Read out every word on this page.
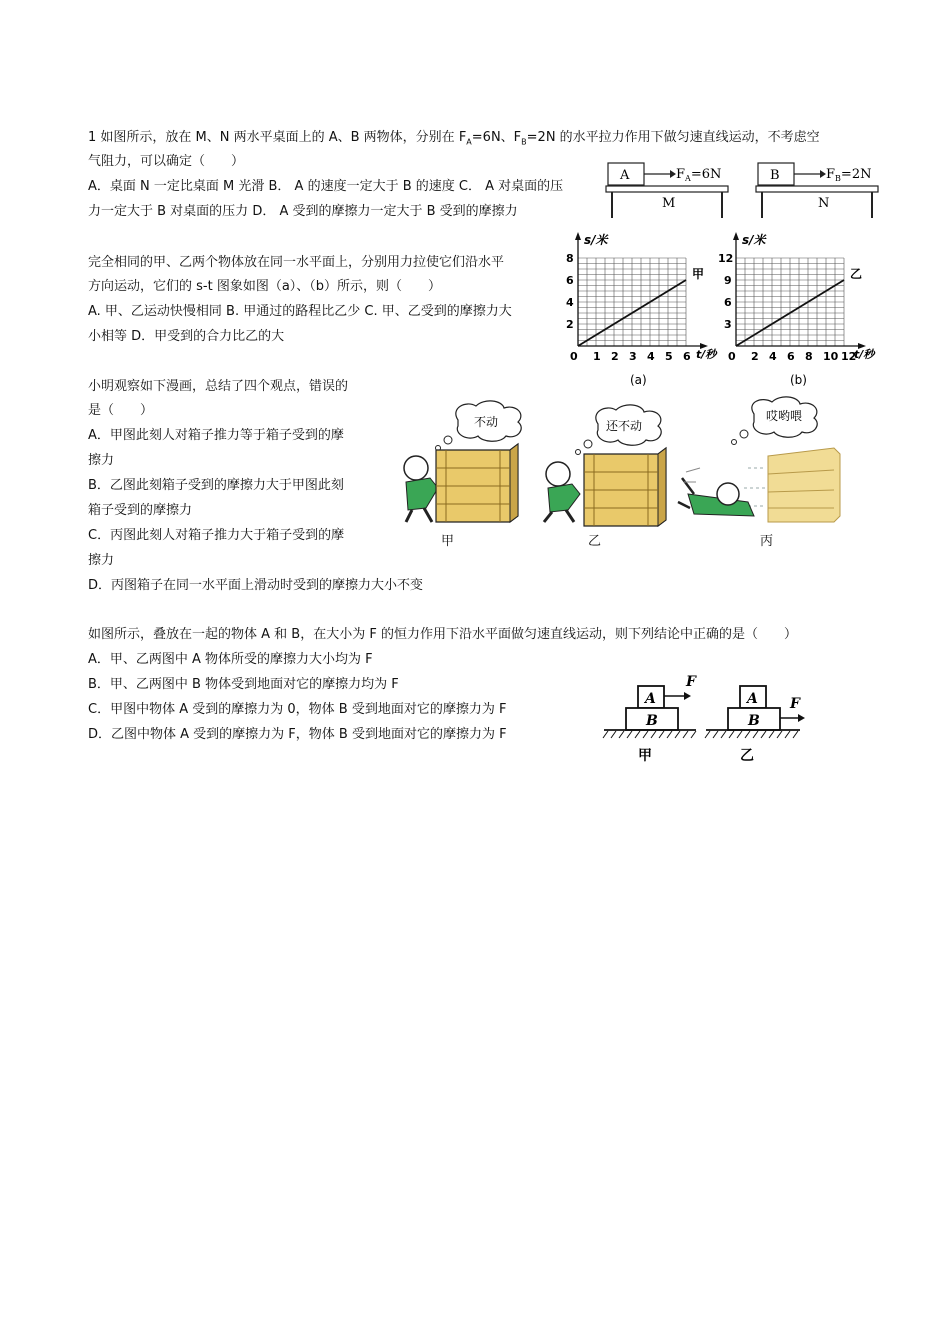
1 如图所示，放在 M、N 两水平桌面上的 A、B 两物体，分别在 $F_A=6N$、$F_B=2N$ 的水平拉力作用下做匀速直线运动，不考虑空
气阻力，可以确定（　　）
A．桌面 N 一定比桌面 M 光滑 B． A 的速度一定大于 B 的速度 C． A 对桌面的压
力一定大于 B 对桌面的压力 D． A 受到的摩擦力一定大于 B 受到的摩擦力
A	$F_A=6N$
M
B	$F_B=2N$
N
完全相同的甲、乙两个物体放在同一水平面上，分别用力拉使它们沿水平
方向运动，它们的 s-t 图象如图（a）、（b）所示，则（　　）
A. 甲、乙运动快慢相同 B. 甲通过的路程比乙少 C. 甲、乙受到的摩擦力大
小相等 D．甲受到的合力比乙的大
s/米
t/秒
0 1 2 3 4 5 6
2
4
6
8
甲
(a)
s/米
t/秒
0 2 4 6 8 10 12
3
6
9
12
乙
(b)
小明观察如下漫画，总结了四个观点，错误的
是（　　）
A．甲图此刻人对箱子推力等于箱子受到的摩
擦力
B．乙图此刻箱子受到的摩擦力大于甲图此刻
箱子受到的摩擦力
C．丙图此刻人对箱子推力大于箱子受到的摩
擦力
D．丙图箱子在同一水平面上滑动时受到的摩擦力大小不变
不动	还不动
哎哟喂
甲	乙	丙
如图所示，叠放在一起的物体 A 和 B，在大小为 F 的恒力作用下沿水平面做匀速直线运动，则下列结论中正确的是（　　）
A．甲、乙两图中 A 物体所受的摩擦力大小均为 F
B．甲、乙两图中 B 物体受到地面对它的摩擦力均为 F
C．甲图中物体 A 受到的摩擦力为 0，物体 B 受到地面对它的摩擦力为 F
D．乙图中物体 A 受到的摩擦力为 F，物体 B 受到地面对它的摩擦力为 F
A
B
F
甲
A
B
F
乙
